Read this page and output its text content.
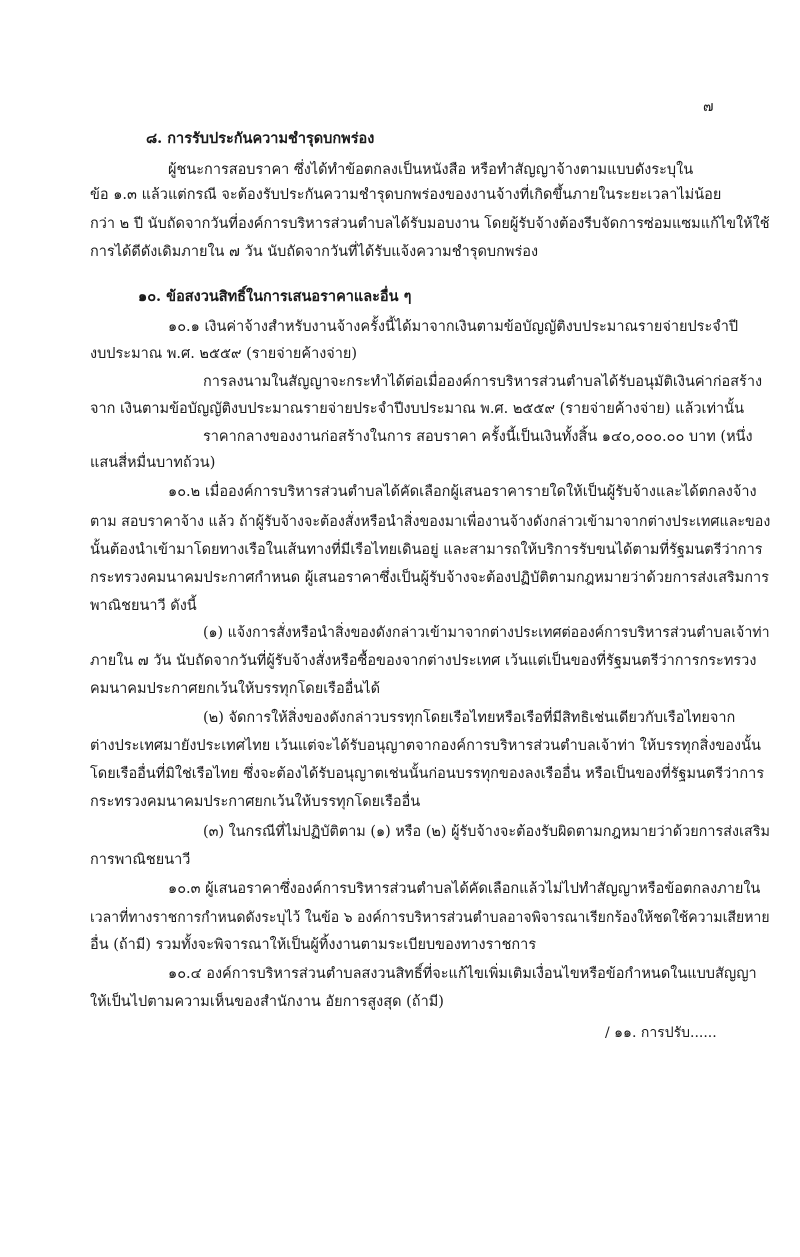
๗
๘. การรับประกันความชำรุดบกพร่อง
ผู้ชนะการสอบราคา ซึ่งได้ทำข้อตกลงเป็นหนังสือ หรือทำสัญญาจ้างตามแบบดังระบุใน
ข้อ ๑.๓ แล้วแต่กรณี จะต้องรับประกันความชำรุดบกพร่องของงานจ้างที่เกิดขึ้นภายในระยะเวลาไม่น้อย
กว่า ๒ ปี นับถัดจากวันที่องค์การบริหารส่วนตำบลได้รับมอบงาน โดยผู้รับจ้างต้องรีบจัดการซ่อมแซมแก้ไขให้ใช้
การได้ดีดังเดิมภายใน ๗ วัน นับถัดจากวันที่ได้รับแจ้งความชำรุดบกพร่อง
๑๐. ข้อสงวนสิทธิ์ในการเสนอราคาและอื่น ๆ
๑๐.๑ เงินค่าจ้างสำหรับงานจ้างครั้งนี้ได้มาจากเงินตามข้อบัญญัติงบประมาณรายจ่ายประจำปี
งบประมาณ พ.ศ. ๒๕๕๙ (รายจ่ายค้างจ่าย)
การลงนามในสัญญาจะกระทำได้ต่อเมื่อองค์การบริหารส่วนตำบลได้รับอนุมัติเงินค่าก่อสร้าง
จาก เงินตามข้อบัญญัติงบประมาณรายจ่ายประจำปีงบประมาณ พ.ศ. ๒๕๕๙ (รายจ่ายค้างจ่าย) แล้วเท่านั้น
ราคากลางของงานก่อสร้างในการ สอบราคา ครั้งนี้เป็นเงินทั้งสิ้น ๑๔๐,๐๐๐.๐๐ บาท (หนึ่ง
แสนสี่หมื่นบาทถ้วน)
๑๐.๒ เมื่อองค์การบริหารส่วนตำบลได้คัดเลือกผู้เสนอราคารายใดให้เป็นผู้รับจ้างและได้ตกลงจ้าง
ตาม สอบราคาจ้าง แล้ว ถ้าผู้รับจ้างจะต้องสั่งหรือนำสิ่งของมาเพื่องานจ้างดังกล่าวเข้ามาจากต่างประเทศและของ
นั้นต้องนำเข้ามาโดยทางเรือในเส้นทางที่มีเรือไทยเดินอยู่ และสามารถให้บริการรับขนได้ตามที่รัฐมนตรีว่าการ
กระทรวงคมนาคมประกาศกำหนด ผู้เสนอราคาซึ่งเป็นผู้รับจ้างจะต้องปฏิบัติตามกฎหมายว่าด้วยการส่งเสริมการ
พาณิชยนาวี ดังนี้
(๑) แจ้งการสั่งหรือนำสิ่งของดังกล่าวเข้ามาจากต่างประเทศต่อองค์การบริหารส่วนตำบลเจ้าท่า
ภายใน ๗ วัน นับถัดจากวันที่ผู้รับจ้างสั่งหรือซื้อของจากต่างประเทศ เว้นแต่เป็นของที่รัฐมนตรีว่าการกระทรวง
คมนาคมประกาศยกเว้นให้บรรทุกโดยเรืออื่นได้
(๒) จัดการให้สิ่งของดังกล่าวบรรทุกโดยเรือไทยหรือเรือที่มีสิทธิเช่นเดียวกับเรือไทยจาก
ต่างประเทศมายังประเทศไทย เว้นแต่จะได้รับอนุญาตจากองค์การบริหารส่วนตำบลเจ้าท่า ให้บรรทุกสิ่งของนั้น
โดยเรืออื่นที่มิใช่เรือไทย ซึ่งจะต้องได้รับอนุญาตเช่นนั้นก่อนบรรทุกของลงเรืออื่น หรือเป็นของที่รัฐมนตรีว่าการ
กระทรวงคมนาคมประกาศยกเว้นให้บรรทุกโดยเรืออื่น
(๓) ในกรณีที่ไม่ปฏิบัติตาม (๑) หรือ (๒) ผู้รับจ้างจะต้องรับผิดตามกฎหมายว่าด้วยการส่งเสริม
การพาณิชยนาวี
๑๐.๓ ผู้เสนอราคาซึ่งองค์การบริหารส่วนตำบลได้คัดเลือกแล้วไม่ไปทำสัญญาหรือข้อตกลงภายใน
เวลาที่ทางราชการกำหนดดังระบุไว้ ในข้อ ๖ องค์การบริหารส่วนตำบลอาจพิจารณาเรียกร้องให้ชดใช้ความเสียหาย
อื่น (ถ้ามี) รวมทั้งจะพิจารณาให้เป็นผู้ทิ้งงานตามระเบียบของทางราชการ
๑๐.๔ องค์การบริหารส่วนตำบลสงวนสิทธิ์ที่จะแก้ไขเพิ่มเติมเงื่อนไขหรือข้อกำหนดในแบบสัญญา
ให้เป็นไปตามความเห็นของสำนักงาน อัยการสูงสุด (ถ้ามี)
/ ๑๑. การปรับ......
